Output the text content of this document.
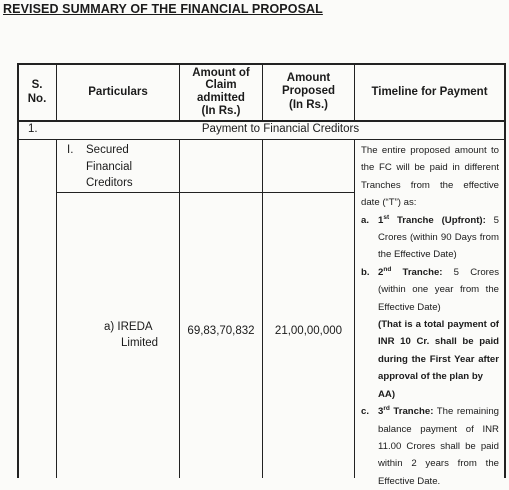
REVISED SUMMARY OF THE FINANCIAL PROPOSAL
S.
No.
Particulars
Amount of
Claim
admitted
(In Rs.)
Amount
Proposed
(In Rs.)
Timeline for Payment
1.	Payment to Financial Creditors
I. Secured
Financial
Creditors
a) IREDA
Limited
69,83,70,832	21,00,00,000

The entire proposed amount to

the FC will be paid in different

Tranches from the effective

date (“T”) as:

a. 1st Tranche (Upfront): 5

Crores (within 90 Days from

the Effective Date)

b. 2nd Tranche: 5 Crores

(within one year from the

Effective Date)

(That is a total payment of

INR 10 Cr. shall be paid

during the First Year after

approval of the plan by AA)

c. 3rd Tranche: The remaining

balance payment of INR

11.00 Crores shall be paid

within 2 years from the

Effective Date.
